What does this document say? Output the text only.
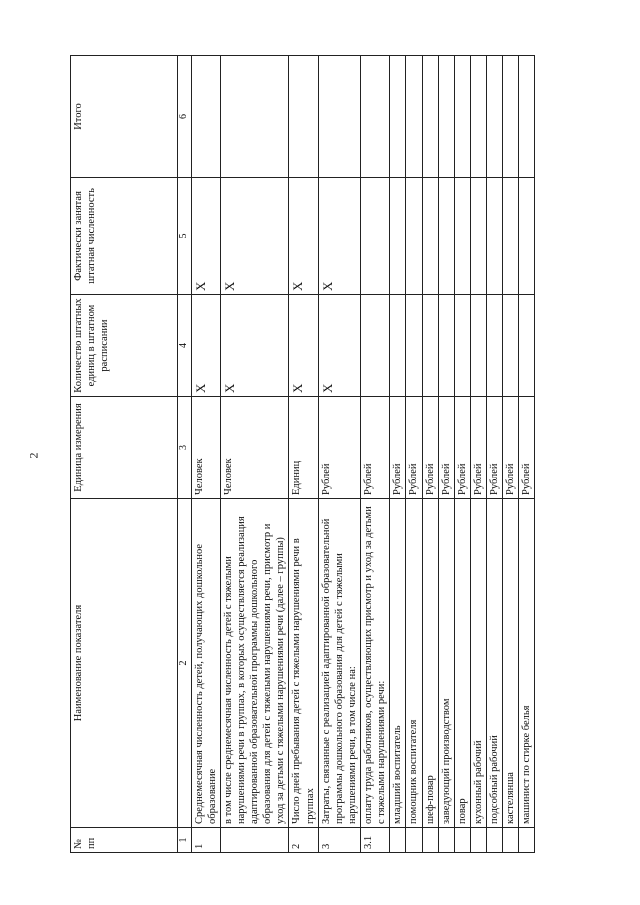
2
№ пп	Наименование показателя	Единица измерения	Количество штатных единиц в штатном расписании	Фактически занятая штатная численность	Итого
1	2	3	4	5	6
1	Среднемесячная численность детей, получающих дошкольное образование	Человек	X	X	
	в том числе среднемесячная численность детей с тяжелыми нарушениями речи в группах, в которых осуществляется реализация адаптированной образовательной программы дошкольного образования для детей с тяжелыми нарушениями речи, присмотр и уход за детьми с тяжелыми нарушениями речи (далее – группы)	Человек	X	X	
2	Число дней пребывания детей с тяжелыми нарушениями речи в группах	Единиц	X	X	
3	Затраты, связанные с реализацией адаптированной образовательной программы дошкольного образования для детей с тяжелыми нарушениями речи, в том числе на:	Рублей	X	X	
3.1	оплату труда работников, осуществляющих присмотр и уход за детьми с тяжелыми нарушениями речи:	Рублей			
	младший воспитатель	Рублей			
	помощник воспитателя	Рублей			
	шеф-повар	Рублей			
	заведующий производством	Рублей			
	повар	Рублей			
	кухонный рабочий	Рублей			
	подсобный рабочий	Рублей			
	кастелянша	Рублей			
	машинист по стирке белья	Рублей			
